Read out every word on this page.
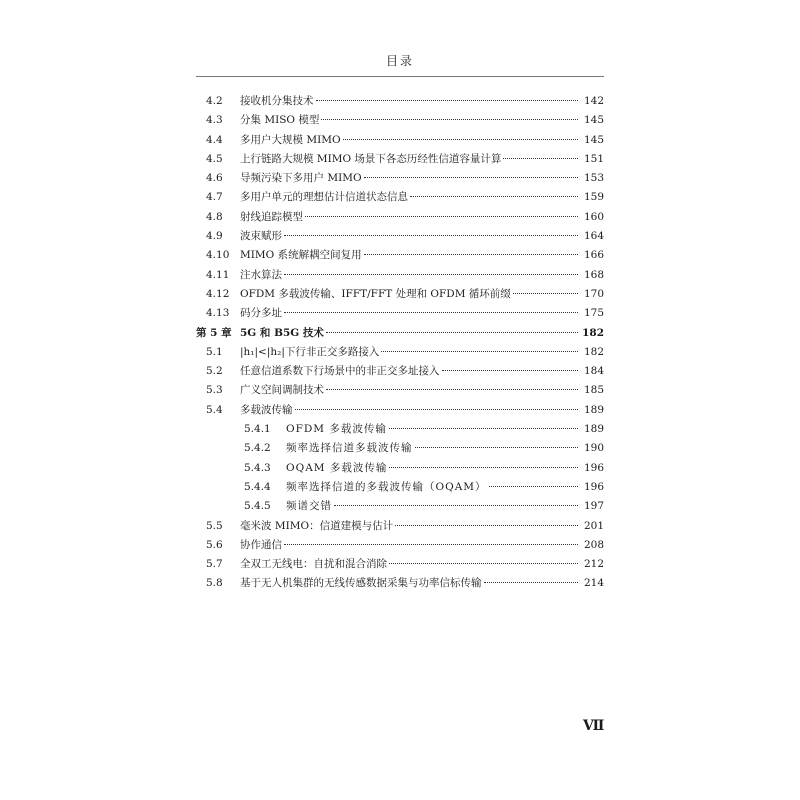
目录
4.2	接收机分集技术	142
4.3	分集 MISO 模型	145
4.4	多用户大规模 MIMO	145
4.5	上行链路大规模 MIMO 场景下各态历经性信道容量计算	151
4.6	导频污染下多用户 MIMO	153
4.7	多用户单元的理想估计信道状态信息	159
4.8	射线追踪模型	160
4.9	波束赋形	164
4.10	MIMO 系统解耦空间复用	166
4.11	注水算法	168
4.12	OFDM 多载波传输、IFFT/FFT 处理和 OFDM 循环前缀	170
4.13	码分多址	175
第 5 章 5G 和 B5G 技术	182
5.1	|h₁|<|h₂|下行非正交多路接入	182
5.2	任意信道系数下行场景中的非正交多址接入	184
5.3	广义空间调制技术	185
5.4	多载波传输	189
5.4.1	OFDM 多载波传输	189
5.4.2	频率选择信道多载波传输	190
5.4.3	OQAM 多载波传输	196
5.4.4	频率选择信道的多载波传输（OQAM）	196
5.4.5	频谱交错	197
5.5	毫米波 MIMO：信道建模与估计	201
5.6	协作通信	208
5.7	全双工无线电：自扰和混合消除	212
5.8	基于无人机集群的无线传感数据采集与功率信标传输	214
Ⅶ
